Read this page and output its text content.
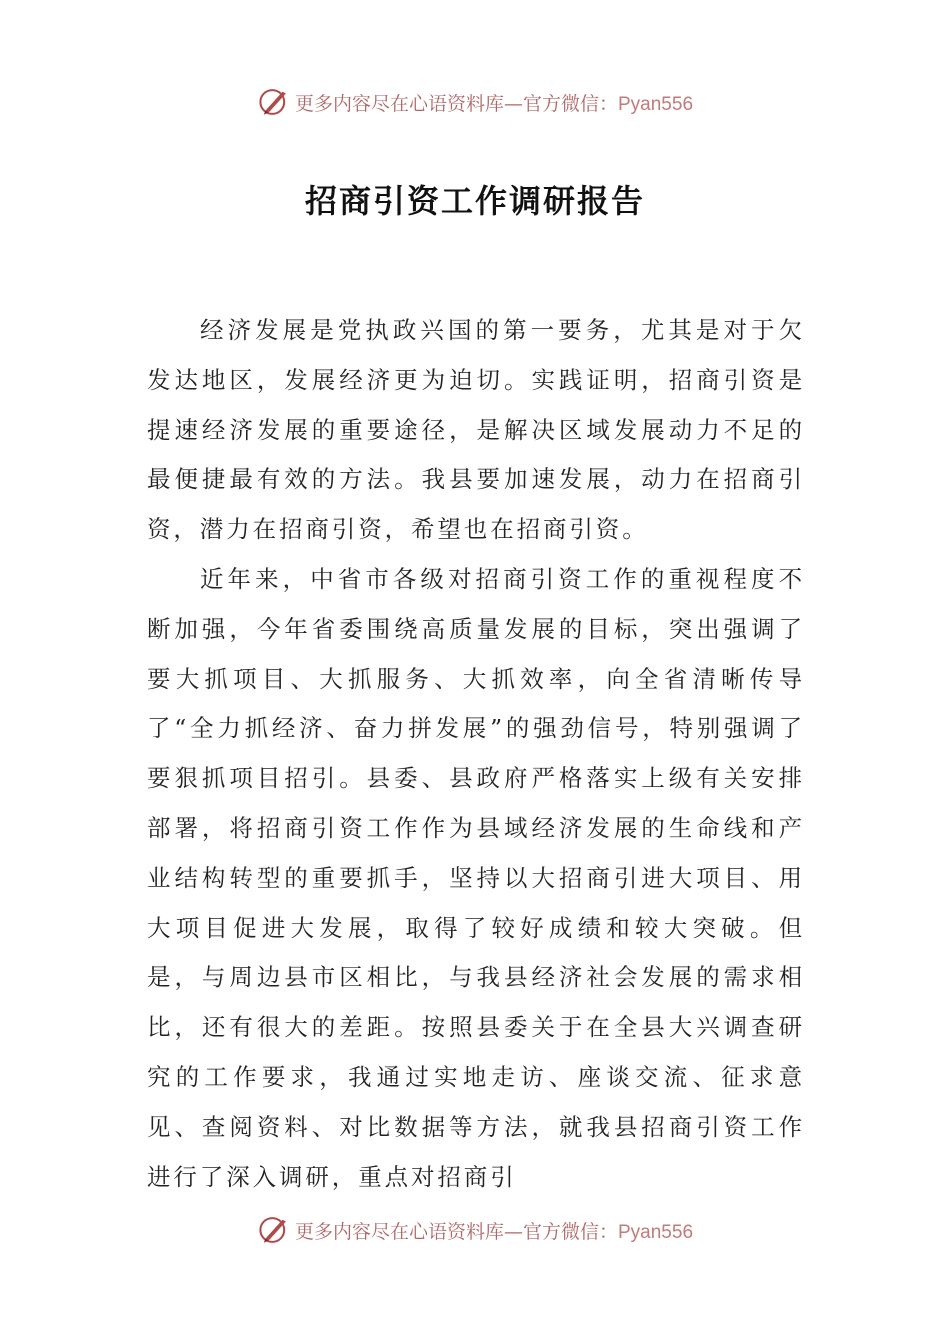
更多内容尽在心语资料库—官方微信：Pyan556
招商引资工作调研报告

经济发展是党执政兴国的第一要务，尤其是对于欠发达地区，发展经济更为迫切。实践证明，招商引资是提速经济发展的重要途径，是解决区域发展动力不足的最便捷最有效的方法。我县要加速发展，动力在招商引资，潜力在招商引资，希望也在招商引资。

近年来，中省市各级对招商引资工作的重视程度不断加强，今年省委围绕高质量发展的目标，突出强调了要大抓项目、大抓服务、大抓效率，向全省清晰传导了“全力抓经济、奋力拼发展”的强劲信号，特别强调了要狠抓项目招引。县委、县政府严格落实上级有关安排部署，将招商引资工作作为县域经济发展的生命线和产业结构转型的重要抓手，坚持以大招商引进大项目、用大项目促进大发展，取得了较好成绩和较大突破。但是，与周边县市区相比，与我县经济社会发展的需求相比，还有很大的差距。按照县委关于在全县大兴调查研究的工作要求，我通过实地走访、座谈交流、征求意见、查阅资料、对比数据等方法，就我县招商引资工作进行了深入调研，重点对招商引

更多内容尽在心语资料库—官方微信：Pyan556
